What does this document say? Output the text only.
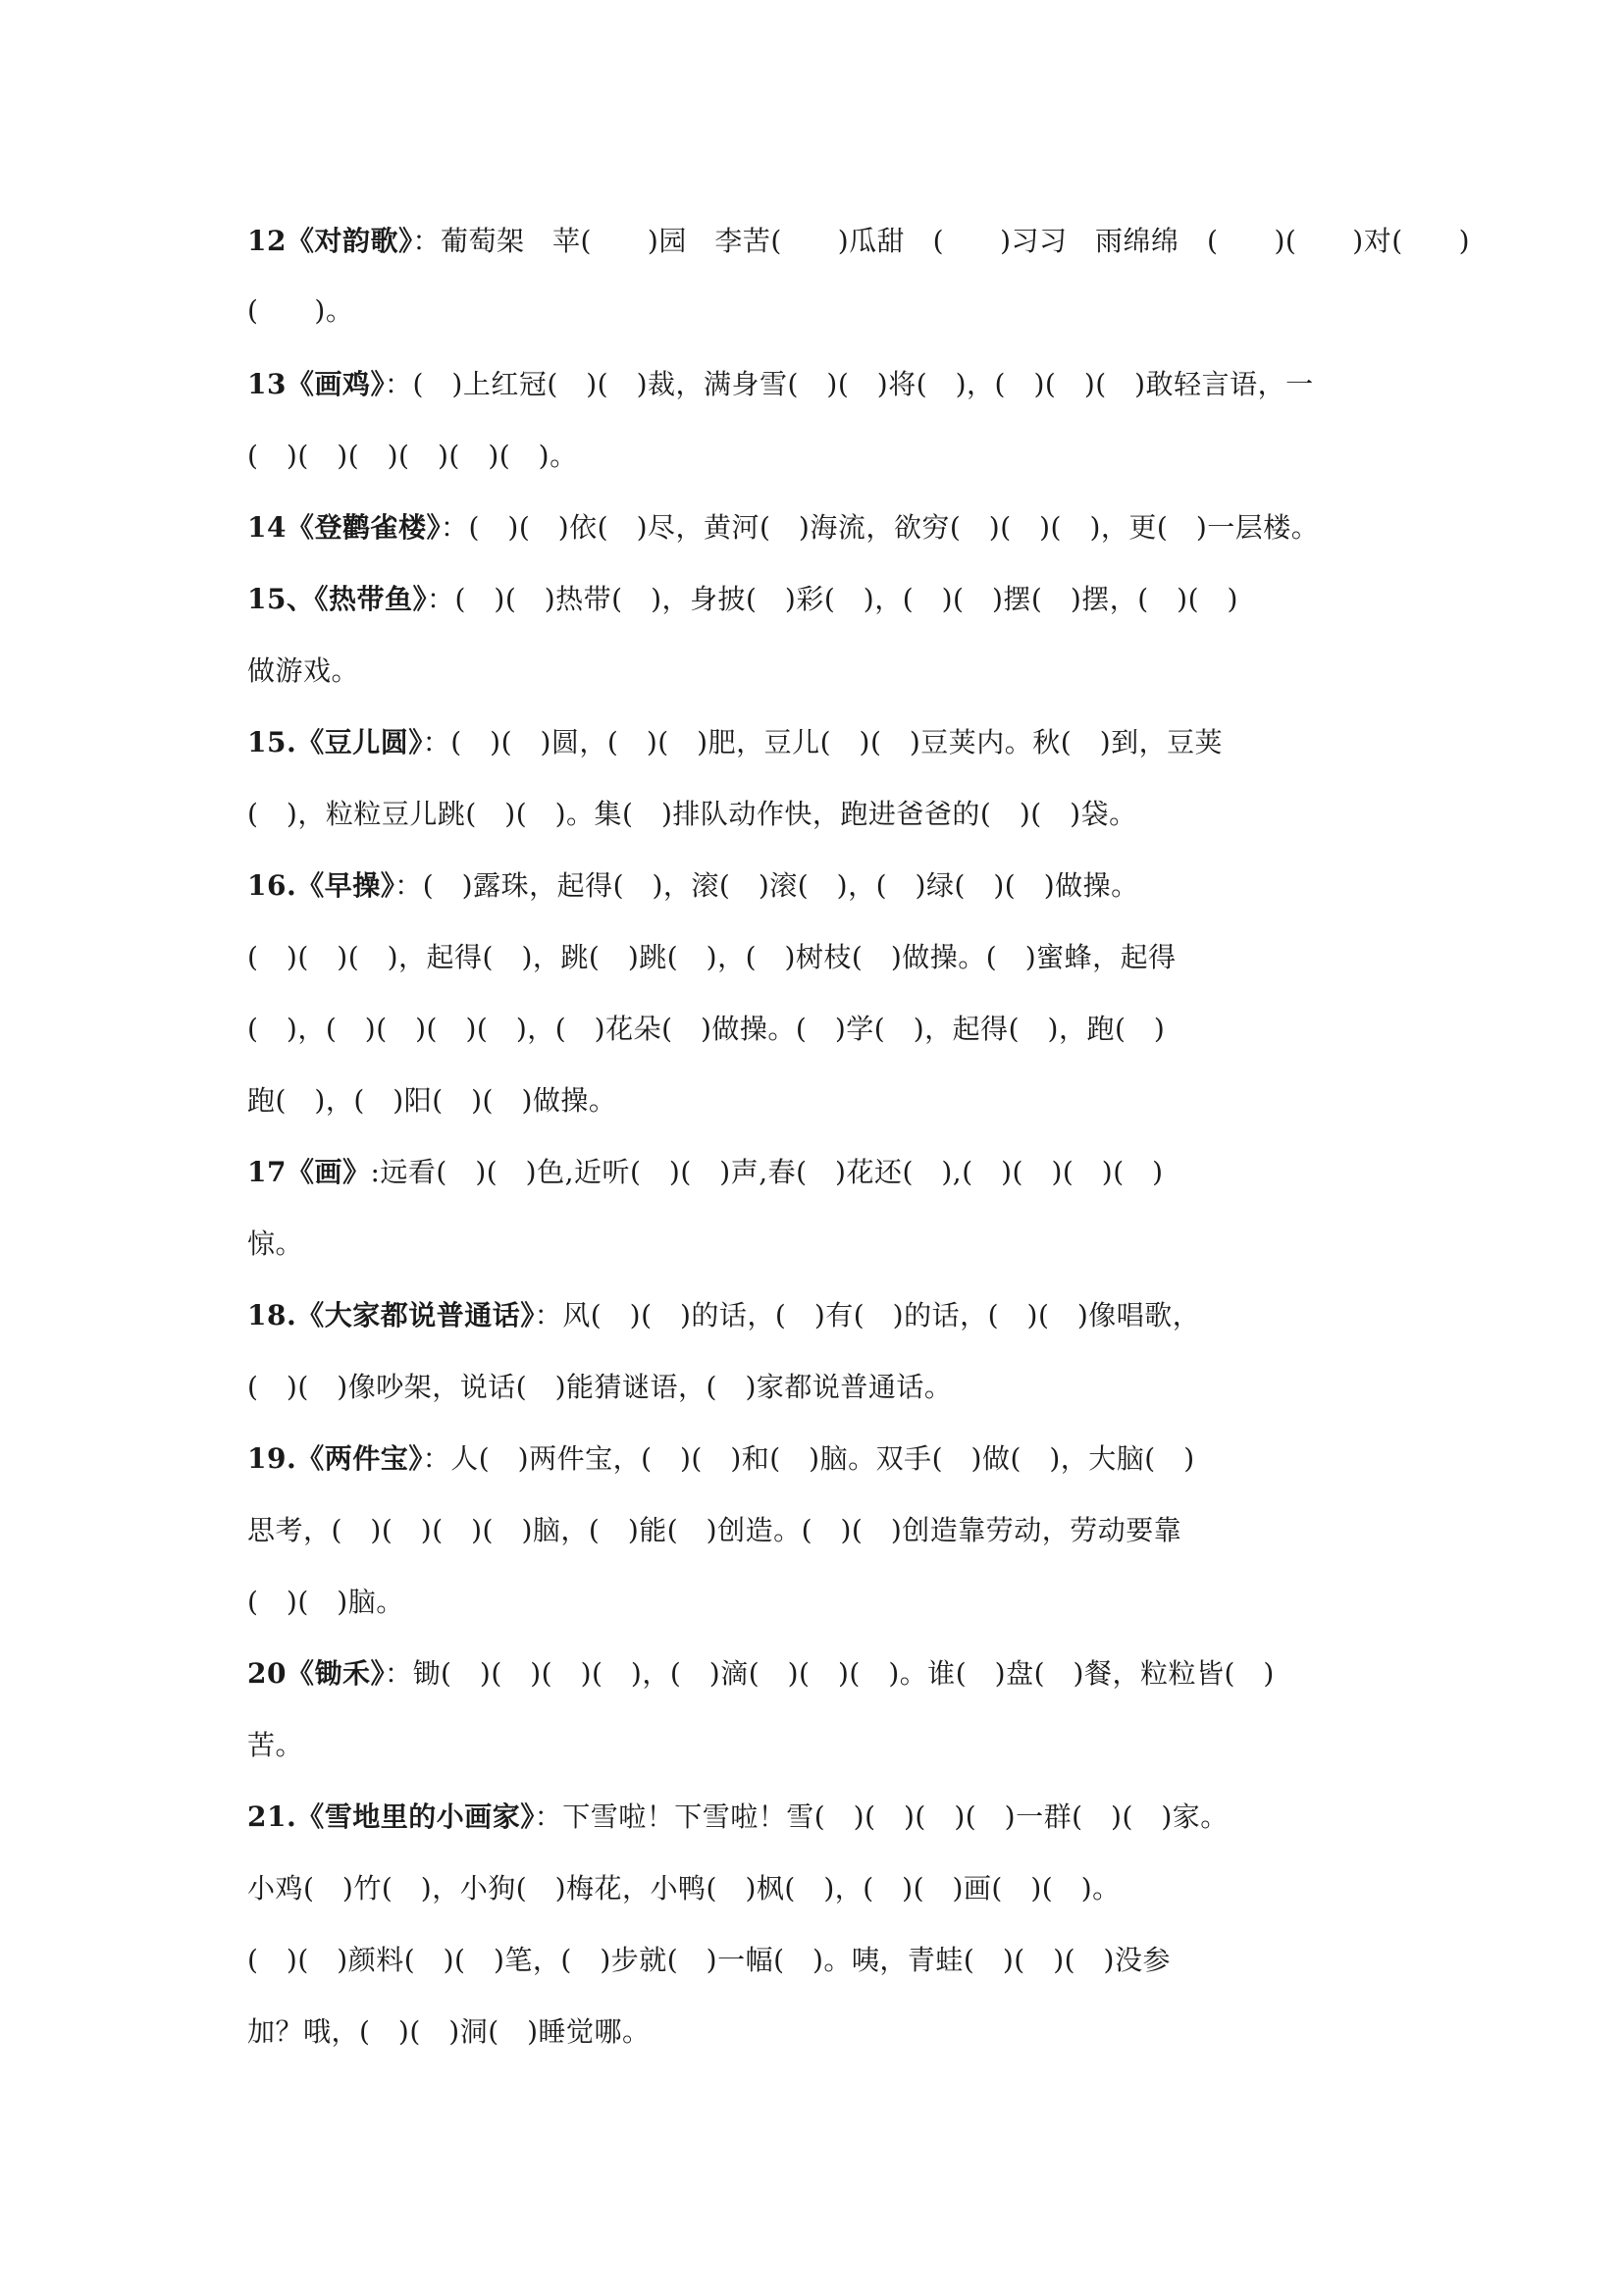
12《对韵歌》：葡萄架　苹(　　)园　李苦(　　)瓜甜　(　　)习习　雨绵绵　(　　)(　　)对(　　)
(　　)。
13《画鸡》：(　)上红冠(　)(　)裁，满身雪(　)(　)将(　)，(　)(　)(　)敢轻言语，一
(　)(　)(　)(　)(　)(　)。
14《登鹳雀楼》：(　)(　)依(　)尽，黄河(　)海流，欲穷(　)(　)(　)，更(　)一层楼。
15、《热带鱼》：(　)(　)热带(　)，身披(　)彩(　)，(　)(　)摆(　)摆，(　)(　)
做游戏。
15.《豆儿圆》：(　)(　)圆，(　)(　)肥，豆儿(　)(　)豆荚内。秋(　)到，豆荚
(　)，粒粒豆儿跳(　)(　)。集(　)排队动作快，跑进爸爸的(　)(　)袋。
16.《早操》：(　)露珠，起得(　)，滚(　)滚(　)，(　)绿(　)(　)做操。
(　)(　)(　)，起得(　)，跳(　)跳(　)，(　)树枝(　)做操。(　)蜜蜂，起得
(　)，(　)(　)(　)(　)，(　)花朵(　)做操。(　)学(　)，起得(　)，跑(　)
跑(　)，(　)阳(　)(　)做操。
17《画》:远看(　)(　)色,近听(　)(　)声,春(　)花还(　),(　)(　)(　)(　)
惊。
18.《大家都说普通话》：风(　)(　)的话，(　)有(　)的话，(　)(　)像唱歌，
(　)(　)像吵架，说话(　)能猜谜语，(　)家都说普通话。
19.《两件宝》：人(　)两件宝，(　)(　)和(　)脑。双手(　)做(　)，大脑(　)
思考，(　)(　)(　)(　)脑，(　)能(　)创造。(　)(　)创造靠劳动，劳动要靠
(　)(　)脑。
20《锄禾》：锄(　)(　)(　)(　)，(　)滴(　)(　)(　)。谁(　)盘(　)餐，粒粒皆(　)
苦。
21.《雪地里的小画家》：下雪啦！下雪啦！雪(　)(　)(　)(　)一群(　)(　)家。
小鸡(　)竹(　)，小狗(　)梅花，小鸭(　)枫(　)，(　)(　)画(　)(　)。
(　)(　)颜料(　)(　)笔，(　)步就(　)一幅(　)。咦，青蛙(　)(　)(　)没参
加？哦，(　)(　)洞(　)睡觉哪。
